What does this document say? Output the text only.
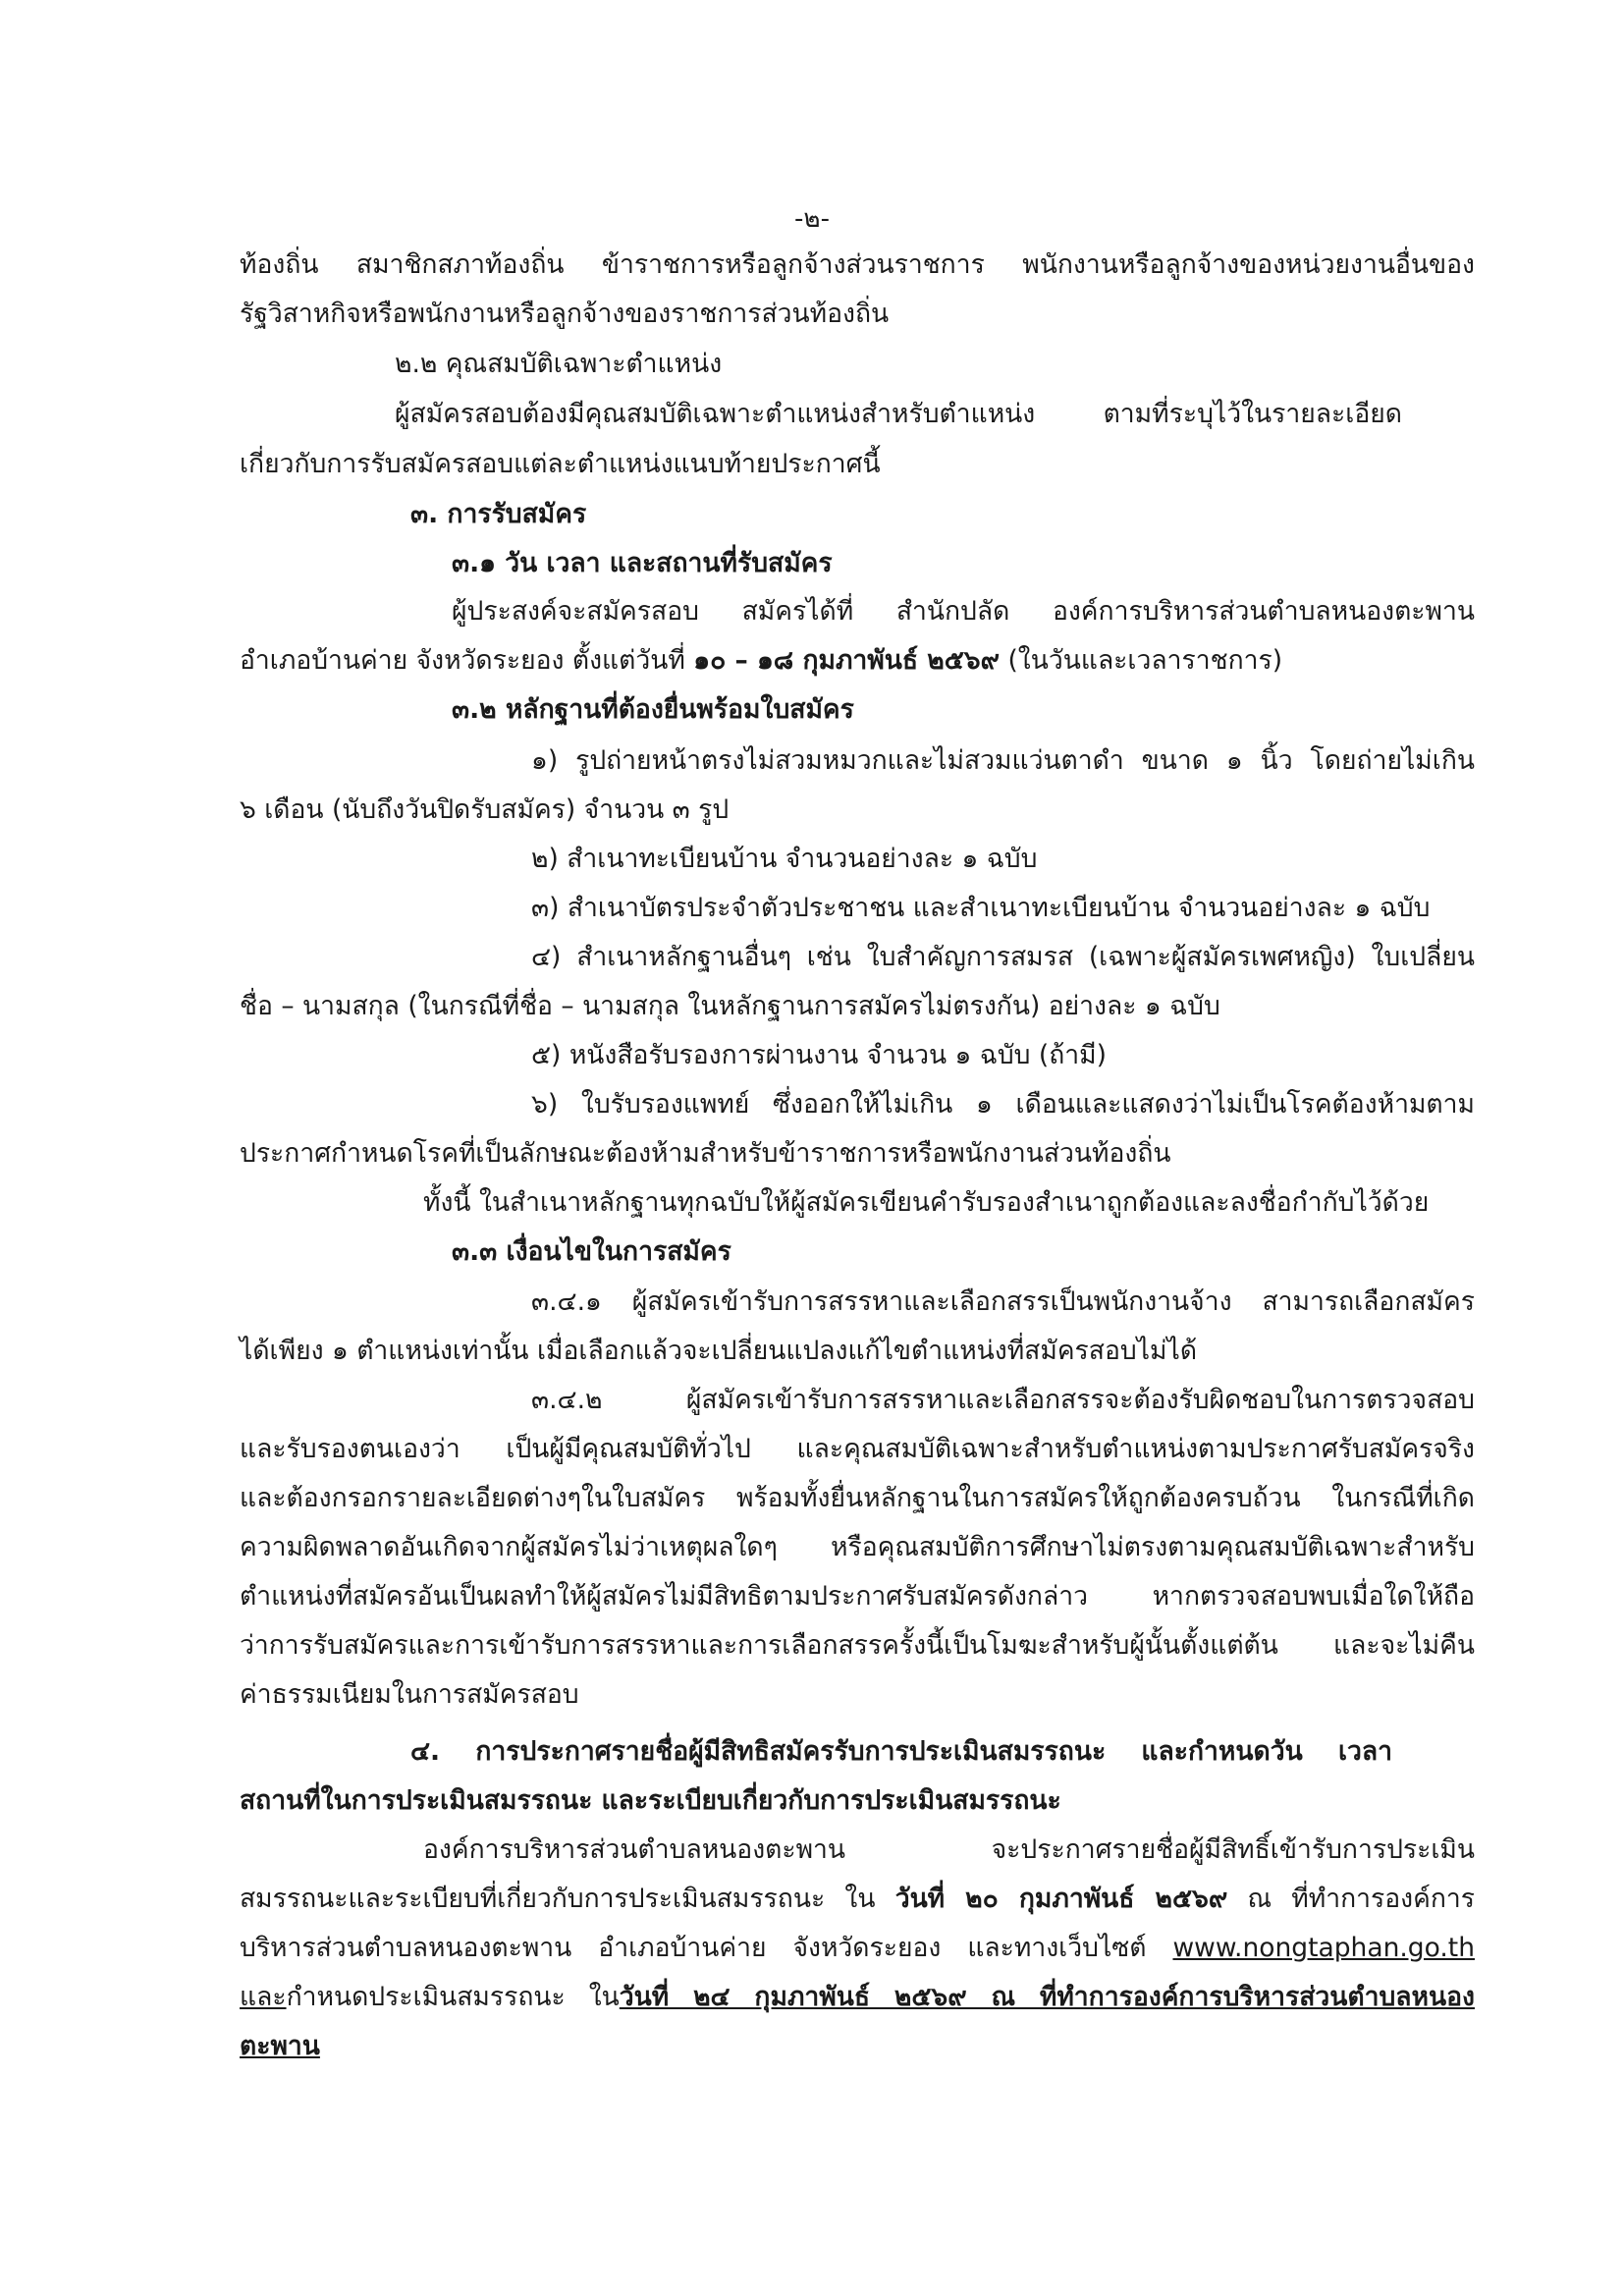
-๒-
ท้องถิ่น สมาชิกสภาท้องถิ่น ข้าราชการหรือลูกจ้างส่วนราชการ พนักงานหรือลูกจ้างของหน่วยงานอื่นของ
รัฐวิสาหกิจหรือพนักงานหรือลูกจ้างของราชการส่วนท้องถิ่น
๒.๒ คุณสมบัติเฉพาะตำแหน่ง
ผู้สมัครสอบต้องมีคุณสมบัติเฉพาะตำแหน่งสำหรับตำแหน่ง ตามที่ระบุไว้ในรายละเอียด
เกี่ยวกับการรับสมัครสอบแต่ละตำแหน่งแนบท้ายประกาศนี้
๓. การรับสมัคร
๓.๑ วัน เวลา และสถานที่รับสมัคร
ผู้ประสงค์จะสมัครสอบ สมัครได้ที่ สำนักปลัด องค์การบริหารส่วนตำบลหนองตะพาน
อำเภอบ้านค่าย จังหวัดระยอง ตั้งแต่วันที่ ๑๐ – ๑๘ กุมภาพันธ์ ๒๕๖๙ (ในวันและเวลาราชการ)
๓.๒ หลักฐานที่ต้องยื่นพร้อมใบสมัคร
๑) รูปถ่ายหน้าตรงไม่สวมหมวกและไม่สวมแว่นตาดำ ขนาด ๑ นิ้ว โดยถ่ายไม่เกิน
๖ เดือน (นับถึงวันปิดรับสมัคร) จำนวน ๓ รูป
๒) สำเนาทะเบียนบ้าน จำนวนอย่างละ ๑ ฉบับ
๓) สำเนาบัตรประจำตัวประชาชน และสำเนาทะเบียนบ้าน จำนวนอย่างละ ๑ ฉบับ
๔) สำเนาหลักฐานอื่นๆ เช่น ใบสำคัญการสมรส (เฉพาะผู้สมัครเพศหญิง) ใบเปลี่ยน
ชื่อ – นามสกุล (ในกรณีที่ชื่อ – นามสกุล ในหลักฐานการสมัครไม่ตรงกัน) อย่างละ ๑ ฉบับ
๕) หนังสือรับรองการผ่านงาน จำนวน ๑ ฉบับ (ถ้ามี)
๖) ใบรับรองแพทย์ ซึ่งออกให้ไม่เกิน ๑ เดือนและแสดงว่าไม่เป็นโรคต้องห้ามตาม
ประกาศกำหนดโรคที่เป็นลักษณะต้องห้ามสำหรับข้าราชการหรือพนักงานส่วนท้องถิ่น
ทั้งนี้ ในสำเนาหลักฐานทุกฉบับให้ผู้สมัครเขียนคำรับรองสำเนาถูกต้องและลงชื่อกำกับไว้ด้วย
๓.๓ เงื่อนไขในการสมัคร
๓.๔.๑ ผู้สมัครเข้ารับการสรรหาและเลือกสรรเป็นพนักงานจ้าง สามารถเลือกสมัคร
ได้เพียง ๑ ตำแหน่งเท่านั้น เมื่อเลือกแล้วจะเปลี่ยนแปลงแก้ไขตำแหน่งที่สมัครสอบไม่ได้
๓.๔.๒ ผู้สมัครเข้ารับการสรรหาและเลือกสรรจะต้องรับผิดชอบในการตรวจสอบ
และรับรองตนเองว่า เป็นผู้มีคุณสมบัติทั่วไป และคุณสมบัติเฉพาะสำหรับตำแหน่งตามประกาศรับสมัครจริง
และต้องกรอกรายละเอียดต่างๆในใบสมัคร พร้อมทั้งยื่นหลักฐานในการสมัครให้ถูกต้องครบถ้วน ในกรณีที่เกิด
ความผิดพลาดอันเกิดจากผู้สมัครไม่ว่าเหตุผลใดๆ หรือคุณสมบัติการศึกษาไม่ตรงตามคุณสมบัติเฉพาะสำหรับ
ตำแหน่งที่สมัครอันเป็นผลทำให้ผู้สมัครไม่มีสิทธิตามประกาศรับสมัครดังกล่าว หากตรวจสอบพบเมื่อใดให้ถือ
ว่าการรับสมัครและการเข้ารับการสรรหาและการเลือกสรรครั้งนี้เป็นโมฆะสำหรับผู้นั้นตั้งแต่ต้น และจะไม่คืน
ค่าธรรมเนียมในการสมัครสอบ
๔. การประกาศรายชื่อผู้มีสิทธิสมัครรับการประเมินสมรรถนะ และกำหนดวัน เวลา
สถานที่ในการประเมินสมรรถนะ และระเบียบเกี่ยวกับการประเมินสมรรถนะ
องค์การบริหารส่วนตำบลหนองตะพาน จะประกาศรายชื่อผู้มีสิทธิ์เข้ารับการประเมิน
สมรรถนะและระเบียบที่เกี่ยวกับการประเมินสมรรถนะ ใน วันที่ ๒๐ กุมภาพันธ์ ๒๕๖๙ ณ ที่ทำการองค์การ
บริหารส่วนตำบลหนองตะพาน อำเภอบ้านค่าย จังหวัดระยอง และทางเว็บไซต์ www.nongtaphan.go.th
และกำหนดประเมินสมรรถนะ ในวันที่ ๒๔ กุมภาพันธ์ ๒๕๖๙ ณ ที่ทำการองค์การบริหารส่วนตำบลหนอง
ตะพาน
